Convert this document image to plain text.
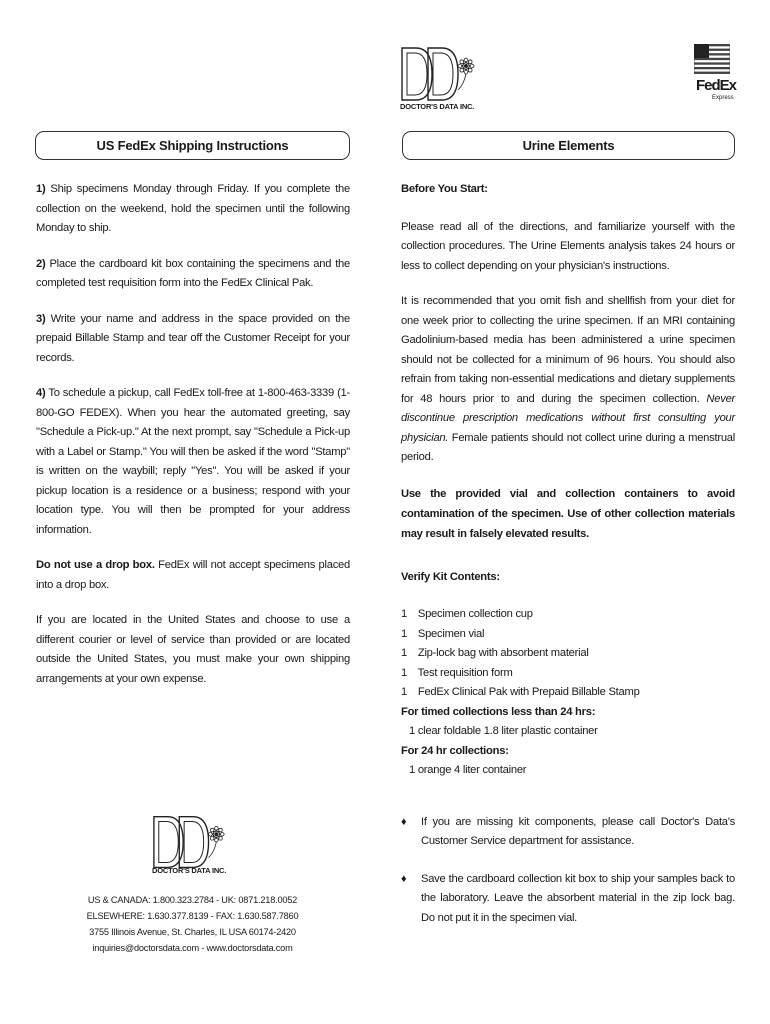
DOCTOR'S DATA INC.
FedEx
Express
US FedEx Shipping Instructions

1) Ship specimens Monday through Friday. If you complete the collection on the weekend, hold the specimen until the following Monday to ship.

2) Place the cardboard kit box containing the specimens and the completed test requisition form into the FedEx Clinical Pak.

3) Write your name and address in the space provided on the prepaid Billable Stamp and tear off the Customer Receipt for your records.

4) To schedule a pickup, call FedEx toll-free at 1-800-463-3339 (1-800-GO FEDEX). When you hear the automated greeting, say "Schedule a Pick-up." At the next prompt, say "Schedule a Pick-up with a Label or Stamp." You will then be asked if the word "Stamp" is written on the waybill; reply "Yes". You will be asked if your pickup location is a residence or a business; respond with your location type. You will then be prompted for your address information.

Do not use a drop box. FedEx will not accept specimens placed into a drop box.

If you are located in the United States and choose to use a different courier or level of service than provided or are located outside the United States, you must make your own shipping arrangements at your own expense.

DOCTOR'S DATA INC.
US & CANADA: 1.800.323.2784 - UK: 0871.218.0052
ELSEWHERE: 1.630.377.8139 - FAX: 1.630.587.7860
3755 Illinois Avenue, St. Charles, IL USA 60174-2420
inquiries@doctorsdata.com - www.doctorsdata.com
Urine Elements

Before You Start:

Please read all of the directions, and familiarize yourself with the collection procedures. The Urine Elements analysis takes 24 hours or less to collect depending on your physician's instructions.

It is recommended that you omit fish and shellfish from your diet for one week prior to collecting the urine specimen. If an MRI containing Gadolinium-based media has been administered a urine specimen should not be collected for a minimum of 96 hours. You should also refrain from taking non-essential medications and dietary supplements for 48 hours prior to and during the specimen collection. Never discontinue prescription medications without first consulting your physician. Female patients should not collect urine during a menstrual period.

Use the provided vial and collection containers to avoid contamination of the specimen. Use of other collection materials may result in falsely elevated results.

Verify Kit Contents:

1 Specimen collection cup
1 Specimen vial
1 Zip-lock bag with absorbent material
1 Test requisition form
1 FedEx Clinical Pak with Prepaid Billable Stamp

For timed collections less than 24 hrs:

1 clear foldable 1.8 liter plastic container

For 24 hr collections:

1 orange 4 liter container

♦ If you are missing kit components, please call Doctor's Data's Customer Service department for assistance.
♦ Save the cardboard collection kit box to ship your samples back to the laboratory. Leave the absorbent material in the zip lock bag. Do not put it in the specimen vial.
